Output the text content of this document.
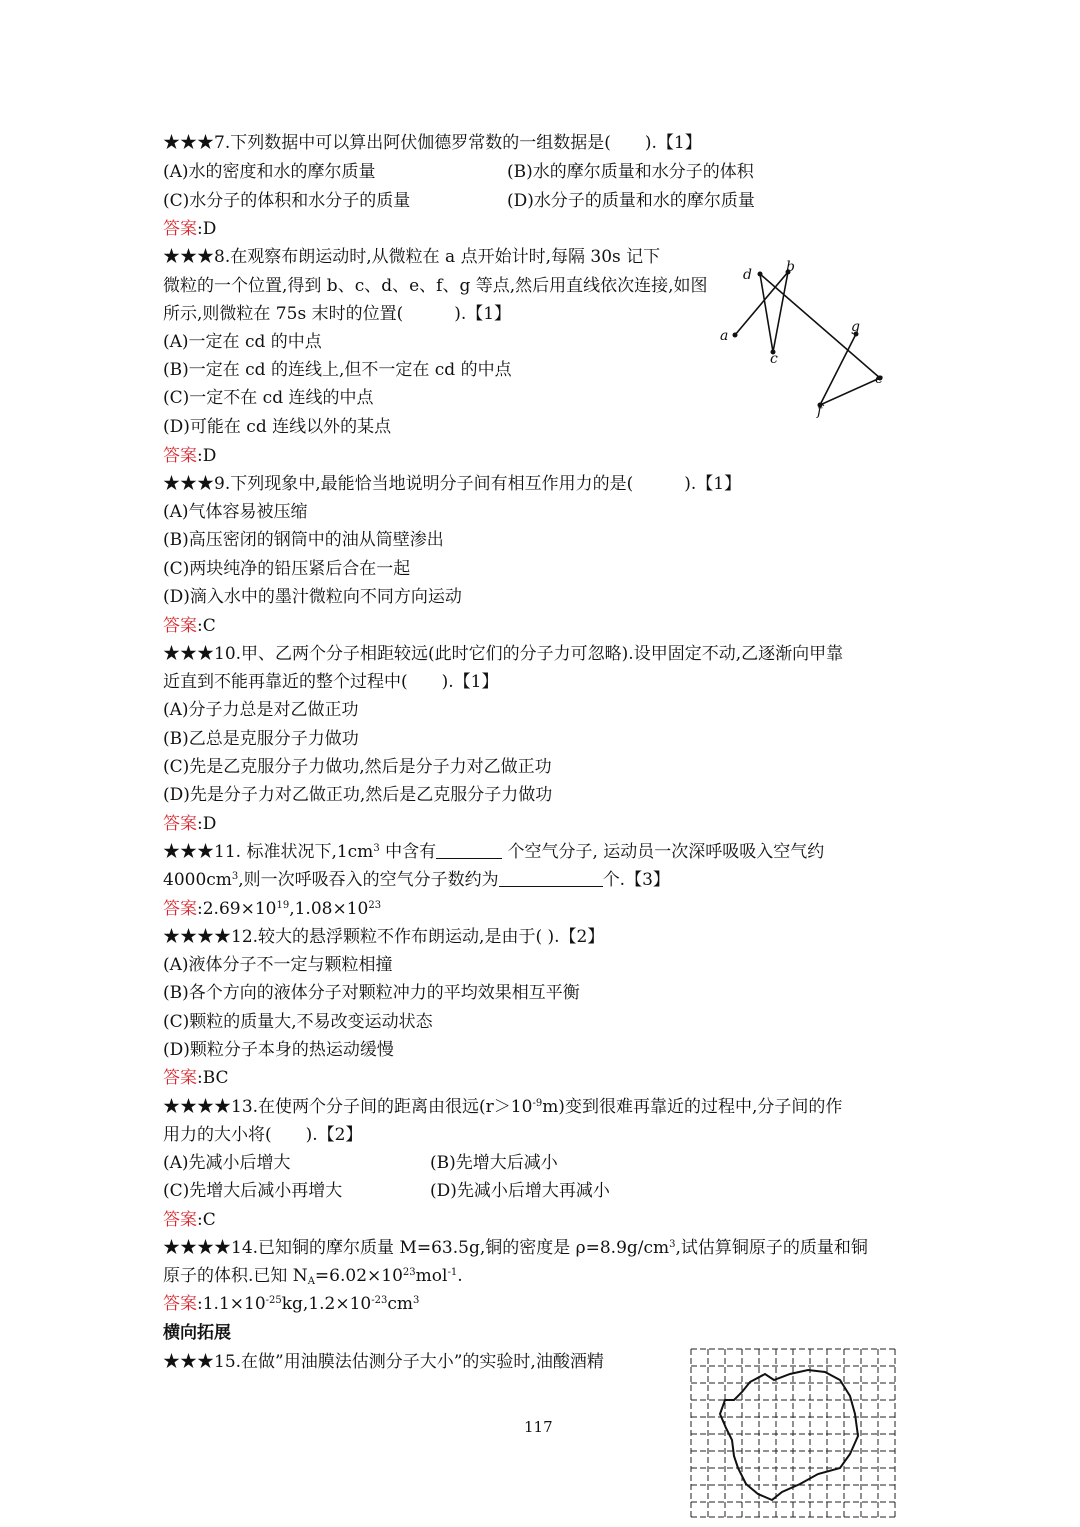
★★★7.下列数据中可以算出阿伏伽德罗常数的一组数据是(　　).【1】
(A)水的密度和水的摩尔质量	(B)水的摩尔质量和水分子的体积
(C)水分子的体积和水分子的质量	(D)水分子的质量和水的摩尔质量
答案:D
★★★8.在观察布朗运动时,从微粒在 a 点开始计时,每隔 30s 记下
微粒的一个位置,得到 b、c、d、e、f、g 等点,然后用直线依次连接,如图
所示,则微粒在 75s 末时的位置(　　　).【1】
(A)一定在 cd 的中点
(B)一定在 cd 的连线上,但不一定在 cd 的中点
(C)一定不在 cd 连线的中点
(D)可能在 cd 连线以外的某点
答案:D
a
b
c
d
e
f
g
★★★9.下列现象中,最能恰当地说明分子间有相互作用力的是(　　　).【1】
(A)气体容易被压缩
(B)高压密闭的钢筒中的油从筒壁渗出
(C)两块纯净的铅压紧后合在一起
(D)滴入水中的墨汁微粒向不同方向运动
答案:C
★★★10.甲、乙两个分子相距较远(此时它们的分子力可忽略).设甲固定不动,乙逐渐向甲靠
近直到不能再靠近的整个过程中(　　).【1】
(A)分子力总是对乙做正功
(B)乙总是克服分子力做功
(C)先是乙克服分子力做功,然后是分子力对乙做正功
(D)先是分子力对乙做正功,然后是乙克服分子力做功
答案:D
★★★11. 标准状况下$,1cm^3$ 中含有	个空气分子, 运动员一次深呼吸吸入空气约
$4000cm^3$,则一次呼吸吞入的空气分子数约为	个.【3】
答案$:2.69\times 10^{19},1.08\times 10^{23}$
★★★★12.较大的悬浮颗粒不作布朗运动,是由于( ).【2】
(A)液体分子不一定与颗粒相撞
(B)各个方向的液体分子对颗粒冲力的平均效果相互平衡
(C)颗粒的质量大,不易改变运动状态
(D)颗粒分子本身的热运动缓慢
答案:BC
★★★★13.在使两个分子间的距离由很远$(r>10^{-9}m)$变到很难再靠近的过程中,分子间的作
用力的大小将(　　).【2】
(A)先减小后增大	(B)先增大后减小
(C)先增大后减小再增大	(D)先减小后增大再减小
答案:C
★★★★14.已知铜的摩尔质量 M=63.5g,铜的密度是 $\rho=8.9g/cm^3$,试估算铜原子的质量和铜
原子的体积.已知 $N_A=6.02\times 10^{23}mol^{-1}$.
答案$:1.1\times 10^{-25}kg,1.2\times 10^{-23}cm^3$
横向拓展
★★★15.在做”用油膜法估测分子大小”的实验时,油酸酒精
117
